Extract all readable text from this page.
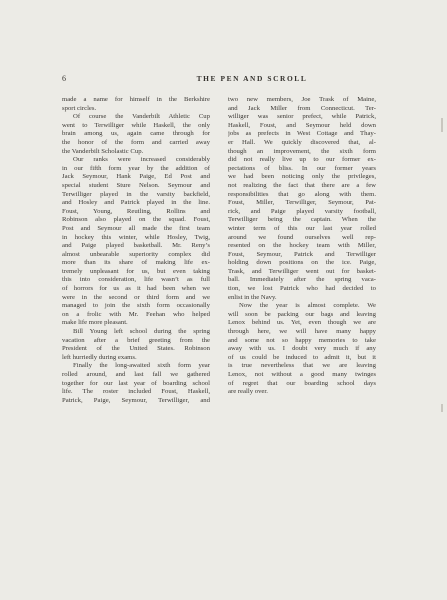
6	THE PEN AND SCROLL
made a name for himself in the Berkshire
sport circles.
Of course the Vanderbilt Athletic Cup
went to Terwilliger while Haskell, the only
brain among us, again came through for
the honor of the form and carried away
the Vanderbilt Scholastic Cup.
Our ranks were increased considerably
in our fifth form year by the addition of
Jack Seymour, Hank Paige, Ed Post and
special student Sture Nelson. Seymour and
Terwilliger played in the varsity backfield,
and Hosley and Patrick played in the line.
Foust, Young, Reutling, Rollins and
Robinson also played on the squad. Foust,
Post and Seymour all made the first team
in hockey this winter, while Hosley, Twig,
and Paige played basketball. Mr. Reny’s
almost unbearable superiority complex did
more than its share of making life ex-
tremely unpleasant for us, but even taking
this into consideration, life wasn’t as full
of horrors for us as it had been when we
were in the second or third form and we
managed to join the sixth form occasionally
on a frolic with Mr. Feehan who helped
make life more pleasant.
Bill Young left school during the spring
vacation after a brief greeting from the
President of the United States. Robinson
left hurriedly during exams.
Finally the long-awaited sixth form year
rolled around, and last fall we gathered
together for our last year of boarding school
life. The roster included Foust, Haskell,
Patrick, Paige, Seymour, Terwilliger, and
two new members, Joe Trask of Maine,
and Jack Miller from Connecticut. Ter-
williger was senior prefect, while Patrick,
Haskell, Foust, and Seymour held down
jobs as prefects in West Cottage and Thay-
er Hall. We quickly discovered that, al-
though an improvement, the sixth form
did not really live up to our former ex-
pectations of bliss. In our former years
we had been noticing only the privileges,
not realizing the fact that there are a few
responsibilities that go along with them.
Foust, Miller, Terwilliger, Seymour, Pat-
rick, and Paige played varsity football,
Terwilliger being the captain. When the
winter term of this our last year rolled
around we found ourselves well rep-
resented on the hockey team with Miller,
Foust, Seymour, Patrick and Terwilliger
holding down positions on the ice. Paige,
Trask, and Terwilliger went out for basket-
ball. Immediately after the spring vaca-
tion, we lost Patrick who had decided to
enlist in the Navy.
Now the year is almost complete. We
will soon be packing our bags and leaving
Lenox behind us. Yet, even though we are
through here, we will have many happy
and some not so happy memories to take
away with us. I doubt very much if any
of us could be induced to admit it, but it
is true nevertheless that we are leaving
Lenox, not without a good many twinges
of regret that our boarding school days
are really over.
